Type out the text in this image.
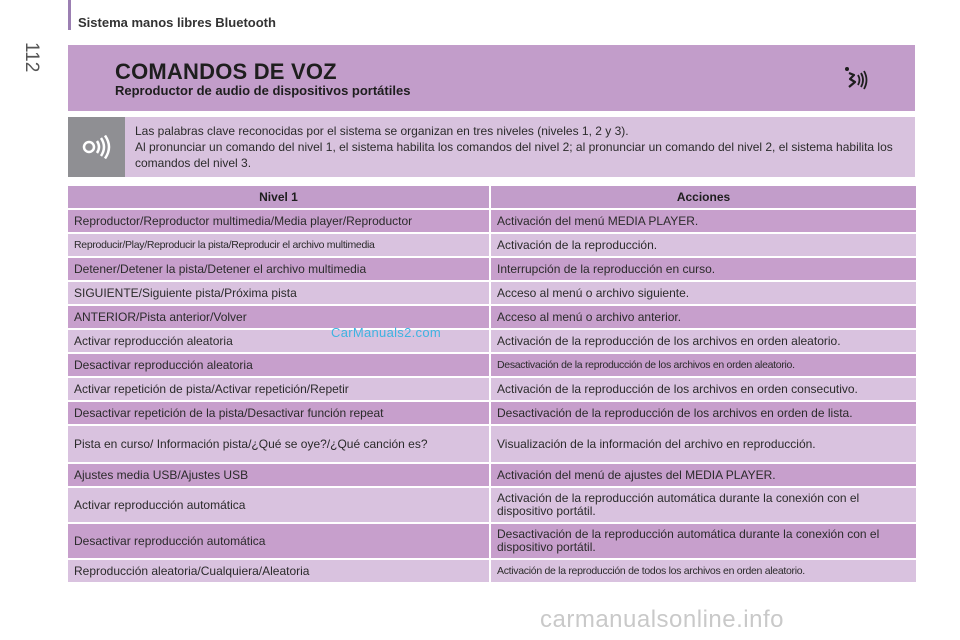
Sistema manos libres Bluetooth
112	COMANDOS DE VOZ
Reproductor de audio de dispositivos portátiles

Las palabras clave reconocidas por el sistema se organizan en tres niveles (niveles 1, 2 y 3).

Al pronunciar un comando del nivel 1, el sistema habilita los comandos del nivel 2; al pronunciar un comando del nivel 2, el sistema habilita los comandos del nivel 3.

Nivel 1	Acciones
Reproductor/Reproductor multimedia/Media player/Reproductor	Activación del menú MEDIA PLAYER.
Reproducir/Play/Reproducir la pista/Reproducir el archivo multimedia	Activación de la reproducción.
Detener/Detener la pista/Detener el archivo multimedia	Interrupción de la reproducción en curso.
SIGUIENTE/Siguiente pista/Próxima pista	Acceso al menú o archivo siguiente.
ANTERIOR/Pista anterior/Volver	Acceso al menú o archivo anterior.
Activar reproducción aleatoria	Activación de la reproducción de los archivos en orden aleatorio.
Desactivar reproducción aleatoria	Desactivación de la reproducción de los archivos en orden aleatorio.
Activar repetición de pista/Activar repetición/Repetir	Activación de la reproducción de los archivos en orden consecutivo.
Desactivar repetición de la pista/Desactivar función repeat	Desactivación de la reproducción de los archivos en orden de lista.
Pista en curso/ Información pista/¿Qué se oye?/¿Qué canción es?	Visualización de la información del archivo en reproducción.
Ajustes media USB/Ajustes USB	Activación del menú de ajustes del MEDIA PLAYER.
Activar reproducción automática	Activación de la reproducción automática durante la conexión con el dispositivo portátil.
Desactivar reproducción automática	Desactivación de la reproducción automática durante la conexión con el dispositivo portátil.
Reproducción aleatoria/Cualquiera/Aleatoria	Activación de la reproducción de todos los archivos en orden aleatorio.
CarManuals2.com
carmanualsonline.info
